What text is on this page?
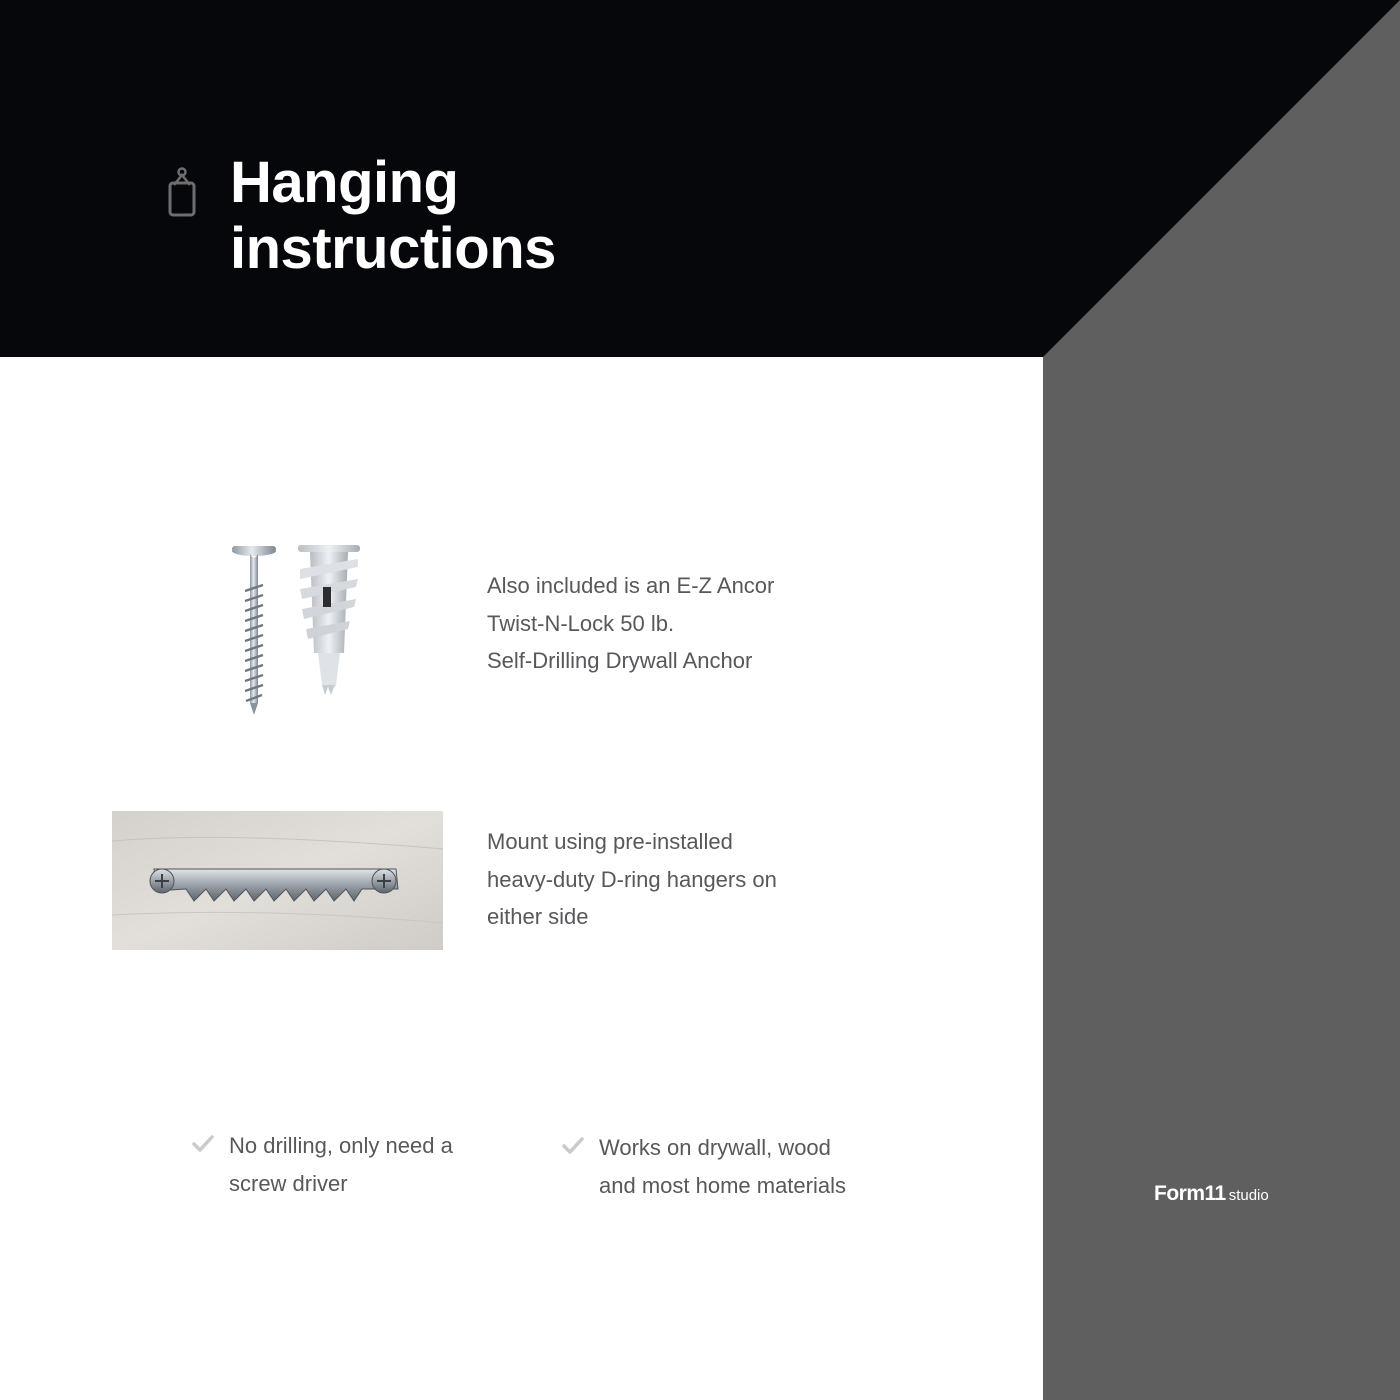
Hanging
instructions

Also included is an E-Z Ancor
Twist-N-Lock 50 lb.
Self-Drilling Drywall Anchor

Mount using pre-installed
heavy-duty D-ring hangers on
either side

No drilling, only need a
screw driver

Works on drywall, wood
and most home materials	Form11 studio
